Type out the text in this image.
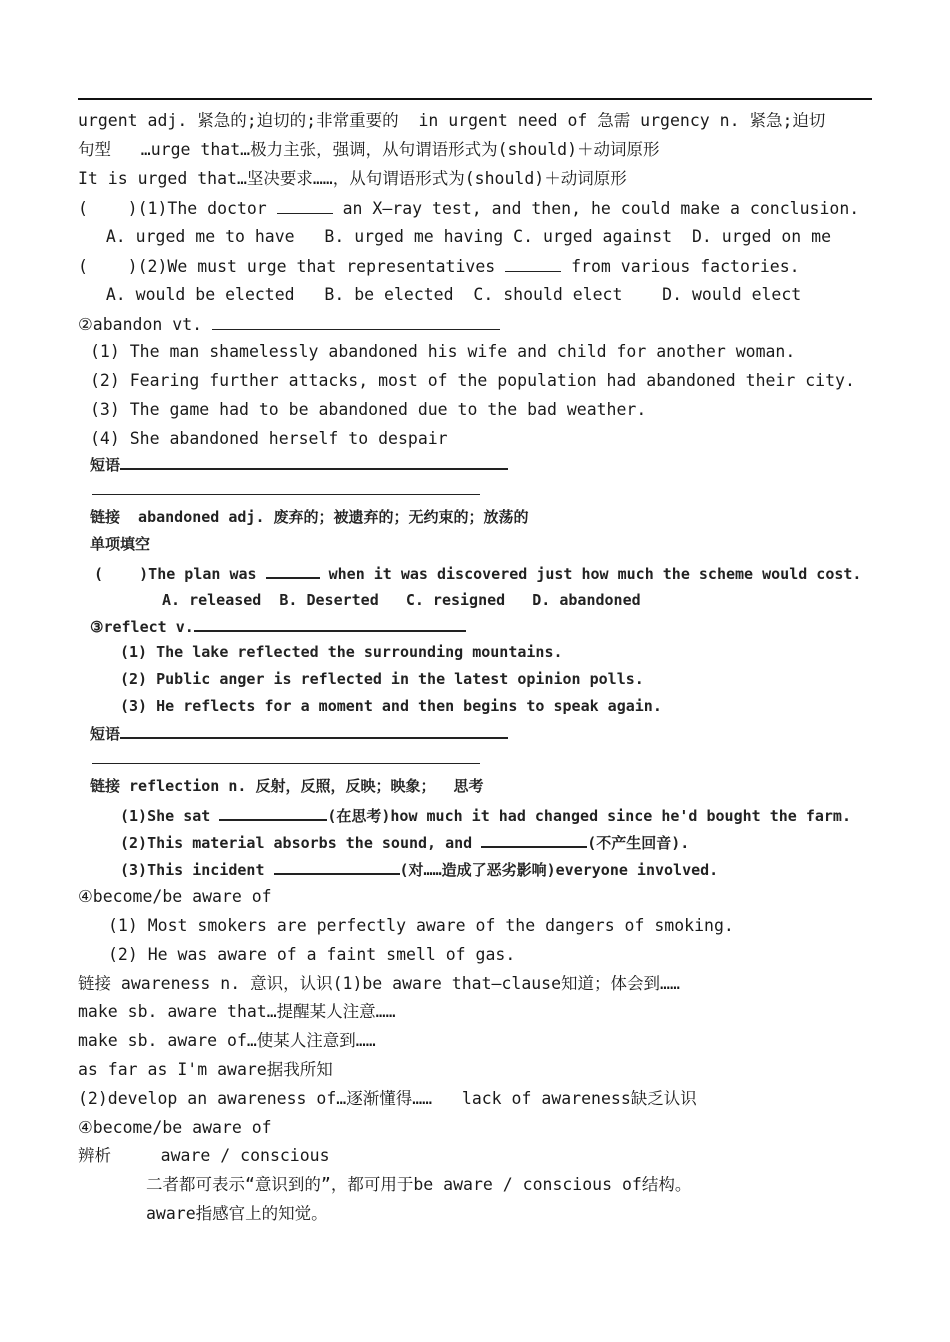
urgent adj. 紧急的;迫切的;非常重要的  in urgent need of 急需 urgency n. 紧急;迫切
句型   …urge that…极力主张，强调，从句谓语形式为(should)＋动词原形
It is urged that…坚决要求……，从句谓语形式为(should)＋动词原形
(    )(1)The doctor	an X—ray test, and then, he could make a conclusion.
A. urged me to have   B. urged me having C. urged against  D. urged on me
(    )(2)We must urge that representatives	from various factories.
A. would be elected   B. be elected  C. should elect    D. would elect
②abandon vt.
(1) The man shamelessly abandoned his wife and child for another woman.
(2) Fearing further attacks, most of the population had abandoned their city.
(3) The game had to be abandoned due to the bad weather.
(4) She abandoned herself to despair
短语
链接  abandoned adj. 废弃的；被遗弃的；无约束的；放荡的
单项填空
(    )The plan was	when it was discovered just how much the scheme would cost.
A. released  B. Deserted   C. resigned   D. abandoned
③reflect v.
(1) The lake reflected the surrounding mountains.
(2) Public anger is reflected in the latest opinion polls.
(3) He reflects for a moment and then begins to speak again.
短语
链接 reflection n. 反射，反照，反映；映象；  思考
(1)She sat	(在思考)how much it had changed since he'd bought the farm.
(2)This material absorbs the sound, and	(不产生回音).
(3)This incident	(对……造成了恶劣影响)everyone involved.
④become/be aware of
(1) Most smokers are perfectly aware of the dangers of smoking.
(2) He was aware of a faint smell of gas.
链接 awareness n. 意识，认识(1)be aware that—clause知道；体会到……
make sb. aware that…提醒某人注意……
make sb. aware of…使某人注意到……
as far as I'm aware据我所知
(2)develop an awareness of…逐渐懂得……   lack of awareness缺乏认识
④become/be aware of
辨析     aware / conscious
二者都可表示“意识到的”，都可用于be aware / conscious of结构。
aware指感官上的知觉。
